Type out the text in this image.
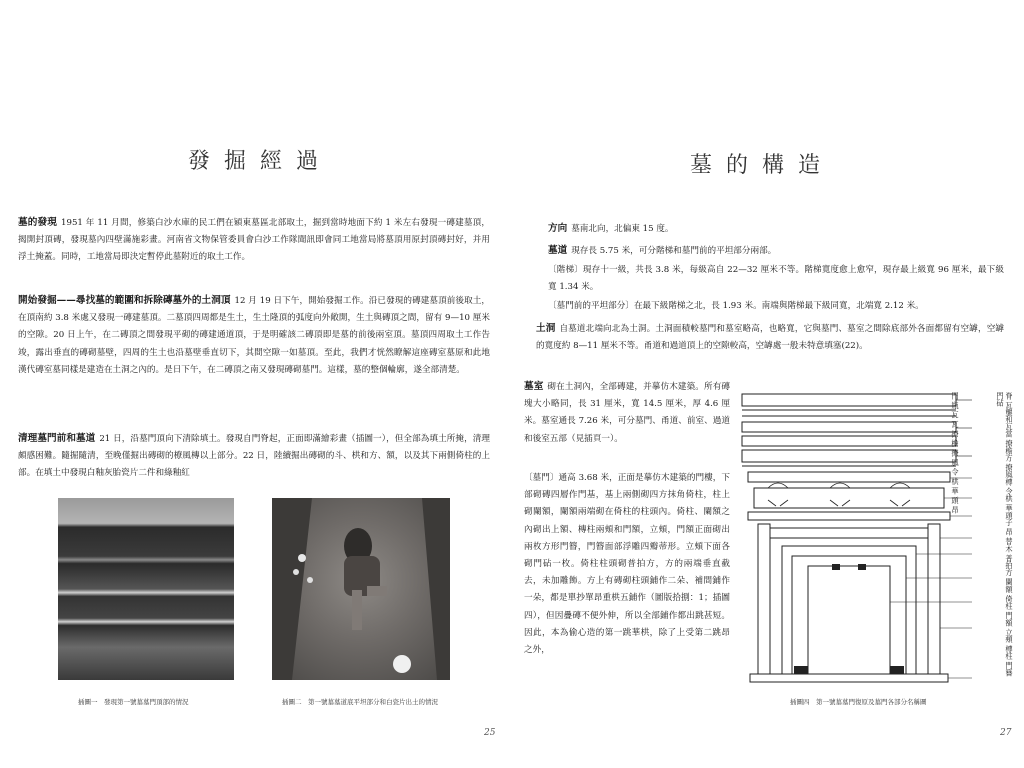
發掘經過

墓的發現 1951 年 11 月間，修築白沙水庫的民工們在穎東墓區北部取土，掘到當時地面下約 1 米左右發現一磚建墓頂，揭開封頂磚，發現墓內四壁滿施彩畫。河南省文物保管委員會白沙工作隊聞訊即會同工地當局將墓頂用原封頂磚封好，并用浮土掩蓋。同時，工地當局即決定暫停此墓附近的取土工作。

開始發掘——尋找墓的範圍和拆除磚墓外的土洞頂 12 月 19 日下午，開始發掘工作。沿已發現的磚建墓頂前後取土，在頂南約 3.8 米處又發現一磚建墓頂。二墓頂四周都是生土，生土隆頂的弧度向外敞開，生土與磚頂之間，留有 9—10 厘米的空隙。20 日上午，在二磚頂之間發現平砌的磚建通道頂，于是明確該二磚頂即是墓的前後兩室頂。墓頂四周取土工作告竣，露出垂直的磚砌墓壁，四周的生土也沿墓壁垂直切下，其間空隙一如墓頂。至此，我們才恍然瞭解這座磚室墓原和此地漢代磚室墓同樣是建造在土洞之內的。是日下午，在二磚頂之南又發現磚砌墓門。這樣，墓的整個輪廓，遂全部清楚。

清理墓門前和墓道 21 日，沿墓門頂向下清除填土。發現自門脊起，正面即滿繪彩畫（插圖一），但全部為填土所掩，清理頗感困難。隨掘隨清，至晚僅掘出磚砌的橑風槫以上部分。22 日，陸續掘出磚砌的斗、栱和方、額，以及其下兩側倚柱的上部。在填土中發現白釉灰胎瓷片二件和綠釉紅

插圖一　發現第一號墓墓門頂部的情況	插圖二　第一號墓墓道底平坦部分和白瓷片出土的情況
25
墓的構造

方向 墓南北向，北偏東 15 度。

墓道 現存長 5.75 米，可分階梯和墓門前的平坦部分兩部。

〔階梯〕現存十一級，共長 3.8 米，每級高自 22—32 厘米不等。階梯寬度愈上愈窄，現存最上級寬 96 厘米，最下級寬 1.34 米。

〔墓門前的平坦部分〕在最下級階梯之北，長 1.93 米。南端與階梯最下級同寬，北端寬 2.12 米。

土洞 自墓道北端向北為土洞。土洞面積較墓門和墓室略高，也略寬，它與墓門、墓室之間除底部外各面都留有空罅，空罅的寬度約 8—11 厘米不等。甬道和過道頂上的空隙較高，空罅處一般未特意填塞(22)。

墓室 砌在土洞內，全部磚建，并摹仿木建築。所有磚塊大小略同，長 31 厘米，寬 14.5 厘米，厚 4.6 厘米。墓室通長 7.26 米，可分墓門、甬道、前室、過道和後室五部（見插頁一）。

〔墓門〕通高 3.68 米，正面是摹仿木建築的門樓，下部砌磚四層作門基，基上兩側砌四方抹角倚柱，柱上砌闌額，闌額兩端砌在倚柱的柱頭內。倚柱、闌額之內砌出上額、槫柱兩頰和門額，立頰，門額正面砌出兩枚方形門簪，門簪面部浮雕四瓣蒂形。立頰下面各砌門砧一枚。倚柱柱頭砌普拍方，方的兩端垂直截去，未加雕飾。方上有磚砌柱頭鋪作二朵、補間鋪作一朵，都是單抄單昂重栱五鋪作（圖版拾捌：1；插圖四），但因疊磚不便外伸，所以全部鋪作都出跳甚短。因此，本為偷心造的第一跳華栱，除了上受第二跳昂之外，

脊 瓦壟和瓦當 撩檐方 撩風槫 令栱 華頭子 昂 替木 普拍方 闌額 倚柱 門額 立頰 槫柱 門簪 門砧
門 瓶 瓦 瓦 撩 檐 撩 風 令 栱 華 頭 昂
插圖四　第一號墓墓門復原及墓門各部分名稱圖
27
